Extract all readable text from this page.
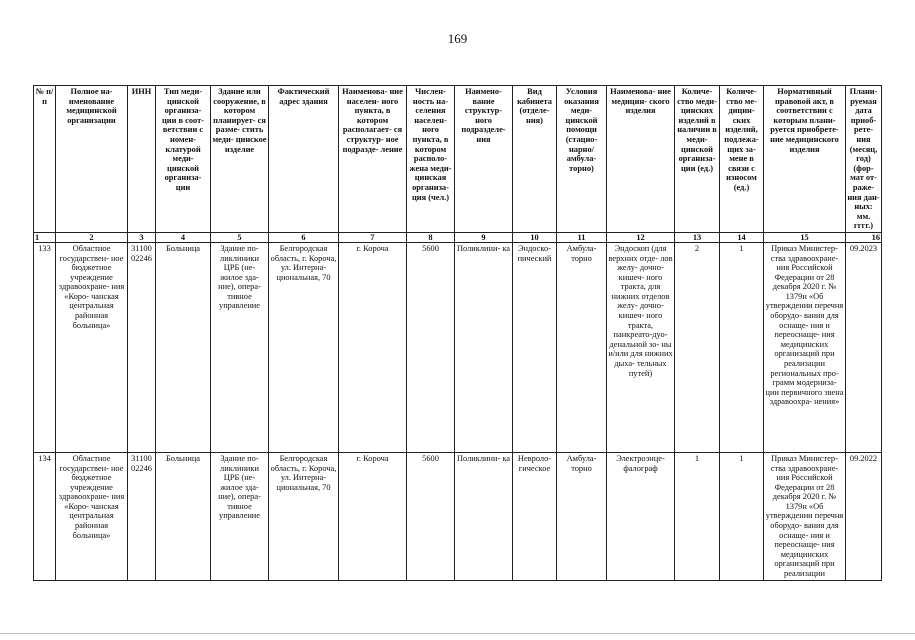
169
№ п/п	Полное на- именование медицинской организации	ИНН	Тип меди- цинской организа- ции в соот- ветствии с номен- клатурой меди- цинской организа- ции	Здание или сооружение, в котором планирует- ся разме- стить меди- цинское изделие	Фактический адрес здания	Наименова- ние населен- ного пункта, в котором располагает- ся структур- ное подразде- ление	Числен- ность на- селения населен- ного пункта, в котором располо- жена меди- цинская организа- ция (чел.)	Наимено- вание структур- ного подразделе- ния	Вид кабинета (отделе- ния)	Условия оказания меди- цинской помощи (стацио- нарно/ амбула- торно)	Наименова- ние медицин- ского изделия	Количе- ство меди- цинских изделий в наличии в меди- цинской организа- ции (ед.)	Количе- ство ме- дицин- ских изделий, подлежа- щих за- мене в связи с износом (ед.)	Нормативный правовой акт, в соответствии с которым плани- руется приобрете- ние медицинского изделия	Плани- руемая дата приоб- рете- ния (месяц, год) (фор- мат от- раже- ния дан- ных: мм. гггг.)
1	2	3	4	5	6	7	8	9	10	11	12	13	14	15	16
133	Областное государствен- ное бюджетное учреждение здравоохране- ния «Коро- чанская центральная районная больница»	31100 02246	Больница	Здание по- ликлиники ЦРБ (не- жилое зда- ние), опера- тивное управление	Белгородская область, г. Короча, ул. Интерна- циональная, 70	г. Короча	5600	Поликлини- ка	Эндоско- пический	Амбула- торно	Эндоскоп (для верхних отде- лов желу- дочно-кишеч- ного тракта, для нижних отделов желу- дочно-кишеч- ного тракта, панкреато-дуо- денальной зо- ны и/или для нижних дыха- тельных путей)	2	1	Приказ Министер- ства здравоохране- ния Российской Федерации от 28 декабря 2020 г. № 1379н «Об утверждении перечня оборудо- вания для оснаще- ния и переоснаще- ния медицинских организаций при реализации региональных про- грамм модерниза- ции первичного звена здравоохра- нения»	09.2023
134	Областное государствен- ное бюджетное учреждение здравоохране- ния «Коро- чанская центральная районная больница»	31100 02246	Больница	Здание по- ликлиники ЦРБ (не- жилое зда- ние), опера- тивное управление	Белгородская область, г. Короча, ул. Интерна- циональная, 70	г. Короча	5600	Поликлини- ка	Невроло- гическое	Амбула- торно	Электроэнце- фалограф	1	1	Приказ Министер- ства здравоохране- ния Российской Федерации от 28 декабря 2020 г. № 1379н «Об утверждении перечня оборудо- вания для оснаще- ния и переоснаще- ния медицинских организаций при реализации	09.2022
